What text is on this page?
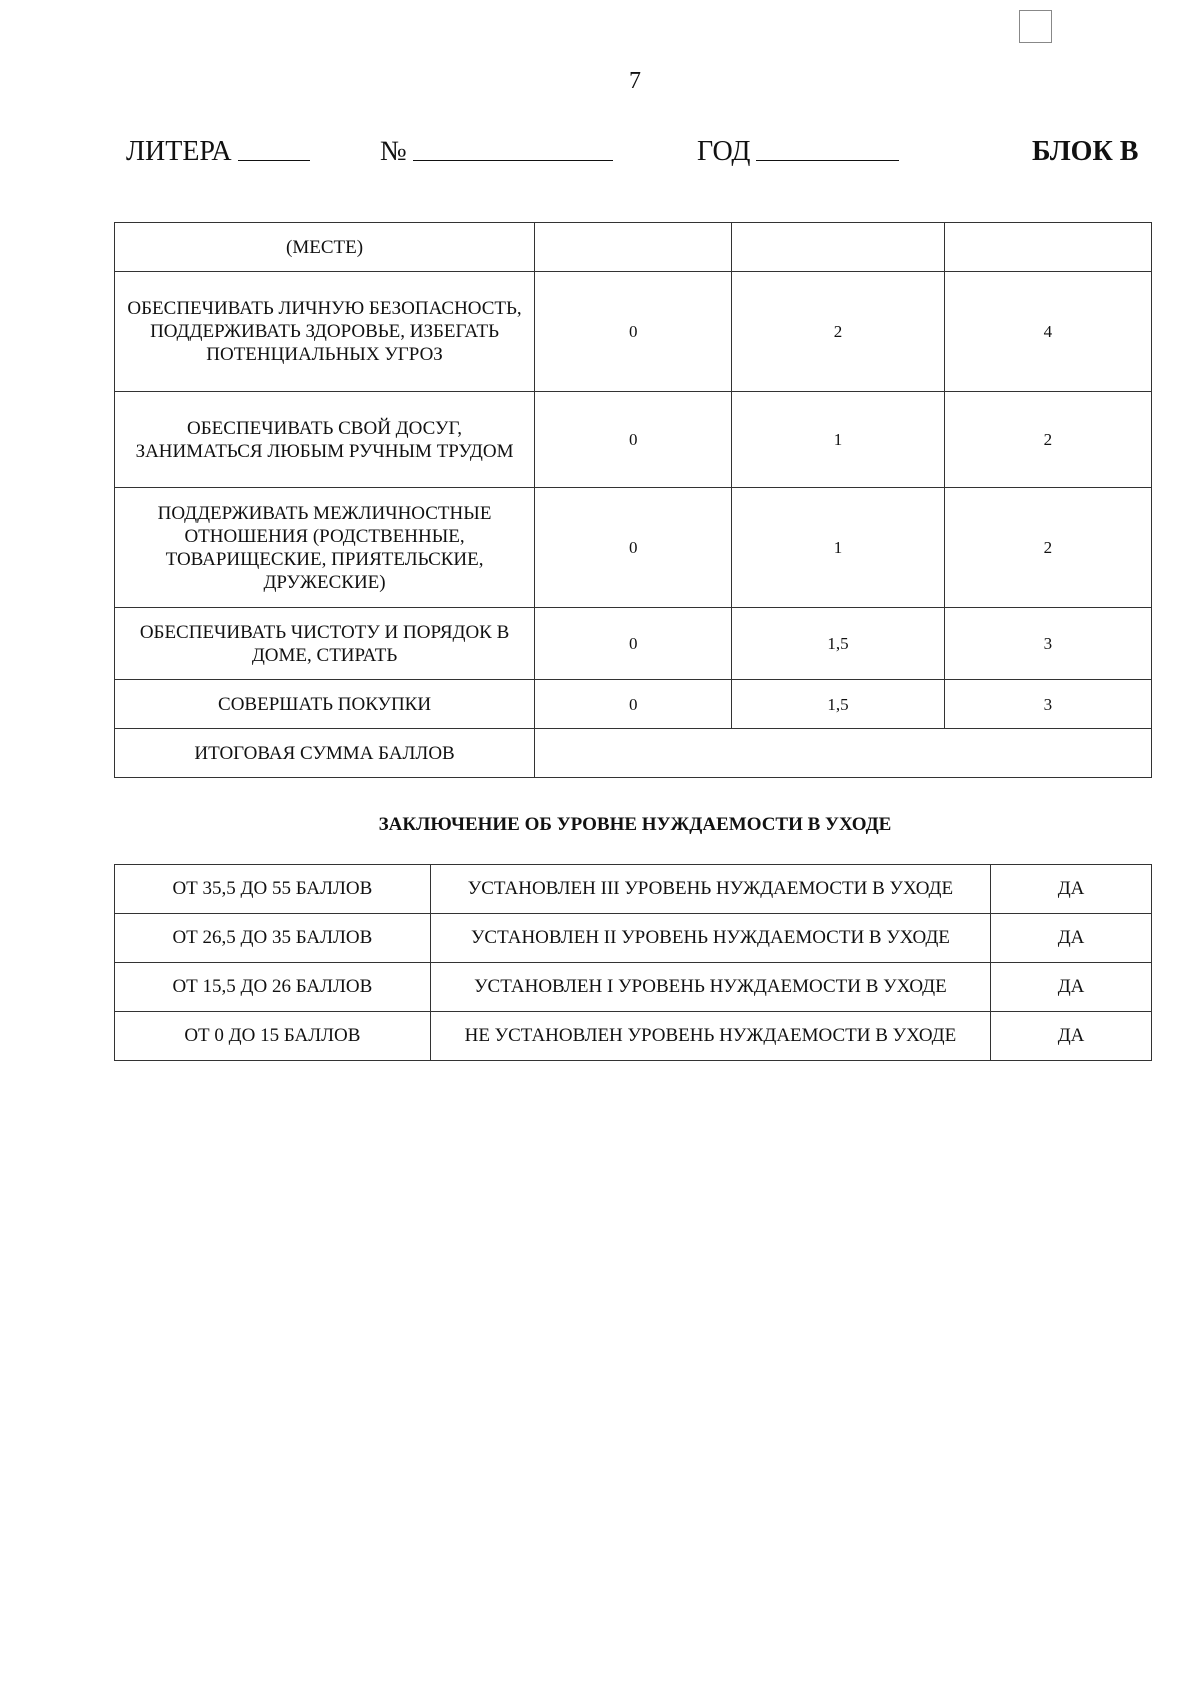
7
ЛИТЕРА	№	ГОД	БЛОК В
(МЕСТЕ)			
ОБЕСПЕЧИВАТЬ ЛИЧНУЮ БЕЗОПАСНОСТЬ, ПОДДЕРЖИВАТЬ ЗДОРОВЬЕ, ИЗБЕГАТЬ ПОТЕНЦИАЛЬНЫХ УГРОЗ	0	2	4
ОБЕСПЕЧИВАТЬ СВОЙ ДОСУГ, ЗАНИМАТЬСЯ ЛЮБЫМ РУЧНЫМ ТРУДОМ	0	1	2
ПОДДЕРЖИВАТЬ МЕЖЛИЧНОСТНЫЕ ОТНОШЕНИЯ (РОДСТВЕННЫЕ, ТОВАРИЩЕСКИЕ, ПРИЯТЕЛЬСКИЕ, ДРУЖЕСКИЕ)	0	1	2
ОБЕСПЕЧИВАТЬ ЧИСТОТУ И ПОРЯДОК В ДОМЕ, СТИРАТЬ	0	1,5	3
СОВЕРШАТЬ ПОКУПКИ	0	1,5	3
ИТОГОВАЯ СУММА БАЛЛОВ			
ЗАКЛЮЧЕНИЕ ОБ УРОВНЕ НУЖДАЕМОСТИ В УХОДЕ
ОТ 35,5 ДО 55 БАЛЛОВ	УСТАНОВЛЕН III УРОВЕНЬ НУЖДАЕМОСТИ В УХОДЕ	ДА
ОТ 26,5 ДО 35 БАЛЛОВ	УСТАНОВЛЕН II УРОВЕНЬ НУЖДАЕМОСТИ В УХОДЕ	ДА
ОТ 15,5 ДО 26 БАЛЛОВ	УСТАНОВЛЕН I УРОВЕНЬ НУЖДАЕМОСТИ В УХОДЕ	ДА
ОТ 0 ДО 15 БАЛЛОВ	НЕ УСТАНОВЛЕН УРОВЕНЬ НУЖДАЕМОСТИ В УХОДЕ	ДА
